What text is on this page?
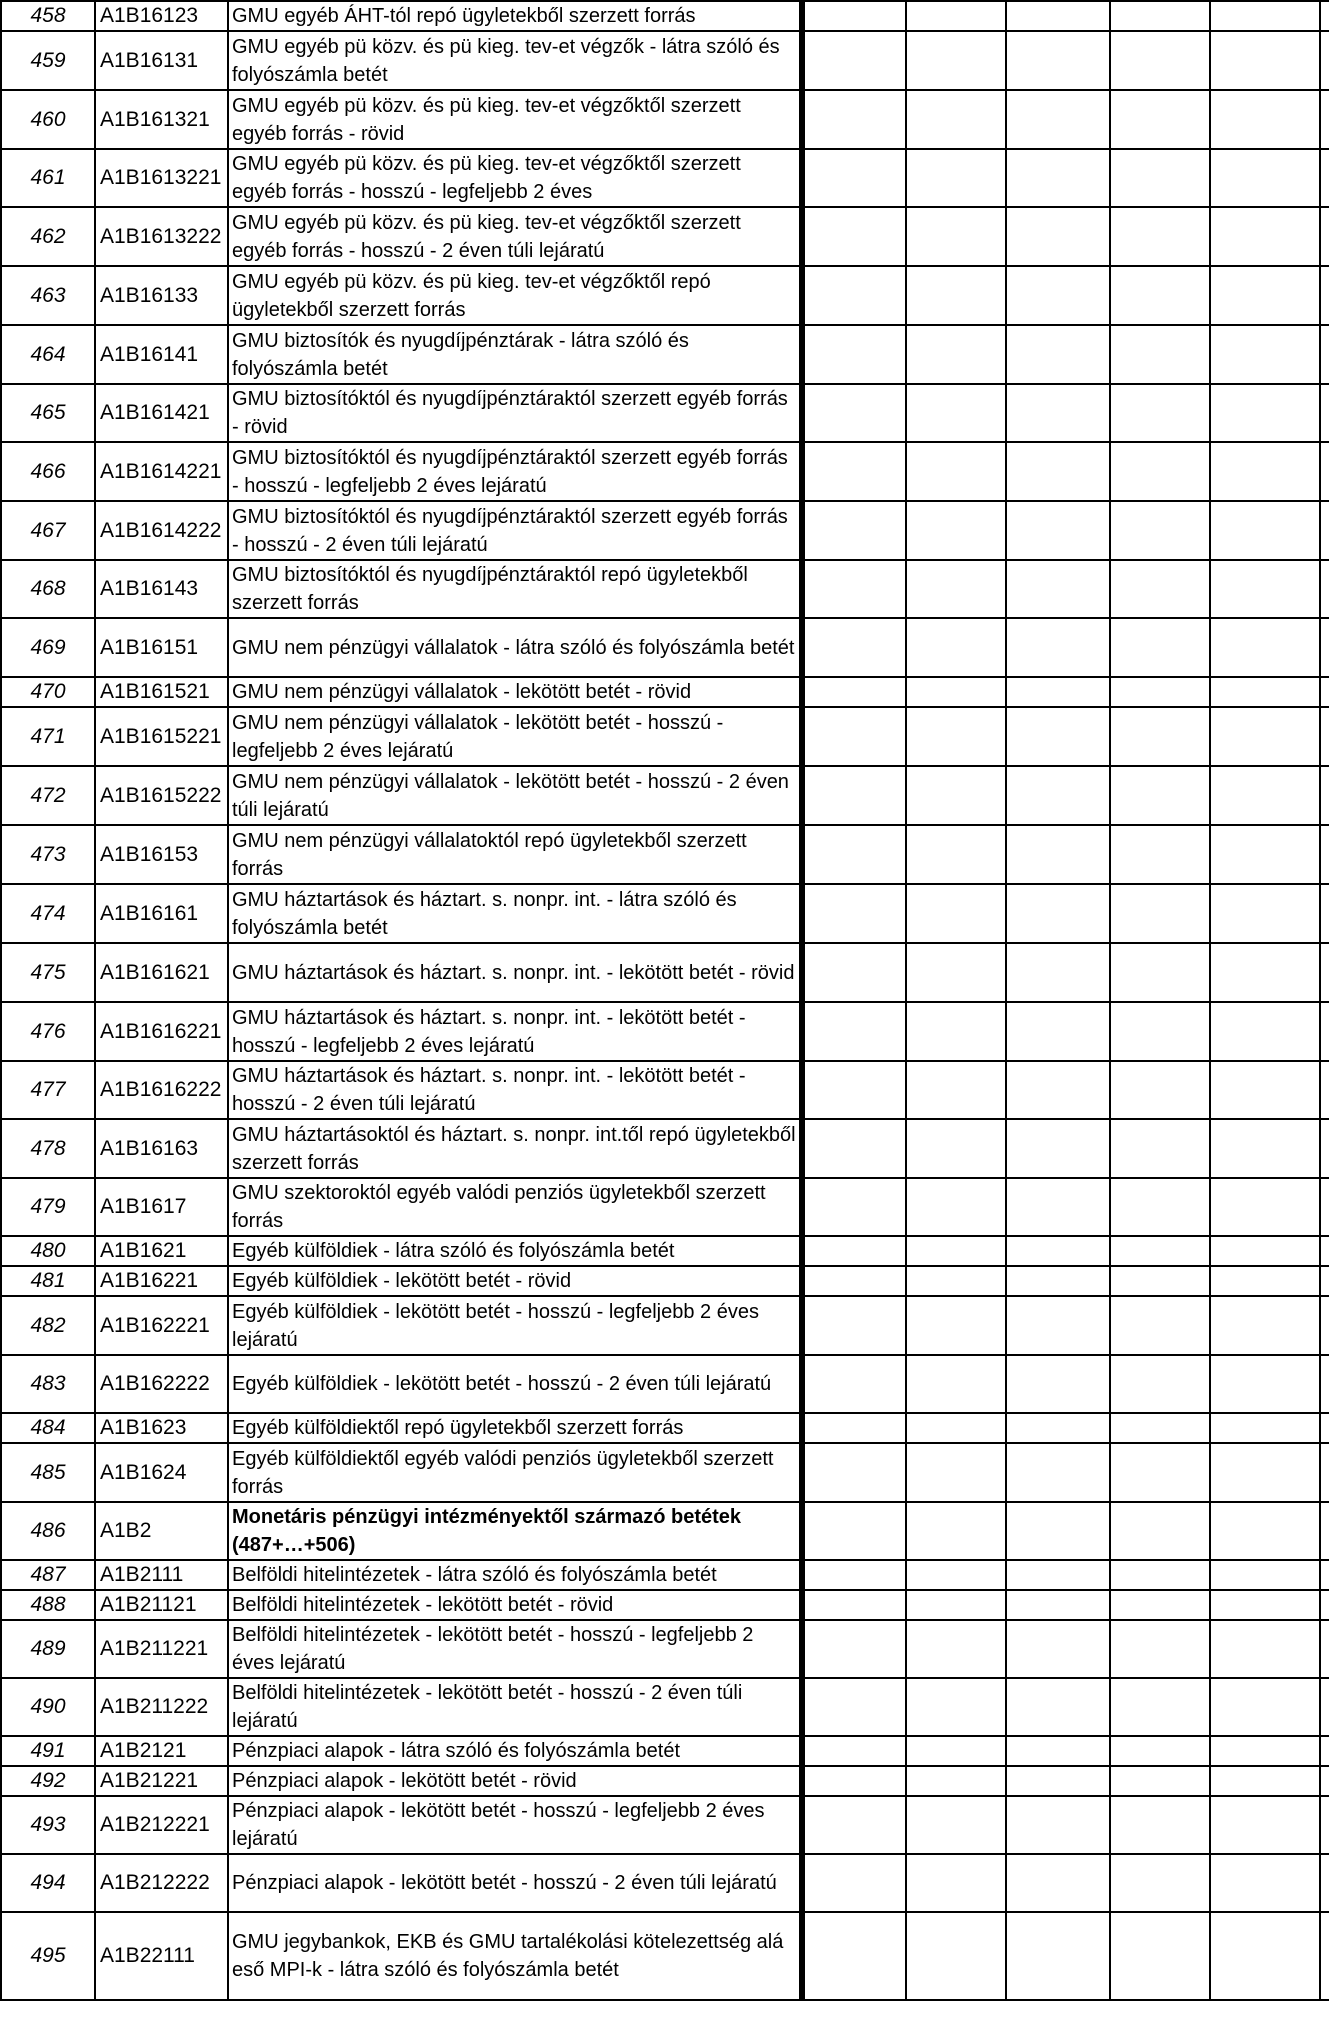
458	A1B16123	GMU egyéb ÁHT-tól repó ügyletekből szerzett forrás						
459	A1B16131	GMU egyéb pü közv. és pü kieg. tev-et végzők - látra szóló és folyószámla betét						
460	A1B161321	GMU egyéb pü közv. és pü kieg. tev-et végzőktől szerzett egyéb forrás - rövid						
461	A1B1613221	GMU egyéb pü közv. és pü kieg. tev-et végzőktől szerzett egyéb forrás - hosszú - legfeljebb 2 éves						
462	A1B1613222	GMU egyéb pü közv. és pü kieg. tev-et végzőktől szerzett egyéb forrás - hosszú - 2 éven túli lejáratú						
463	A1B16133	GMU egyéb pü közv. és pü kieg. tev-et végzőktől repó ügyletekből szerzett forrás						
464	A1B16141	GMU biztosítók és nyugdíjpénztárak - látra szóló és folyószámla betét						
465	A1B161421	GMU biztosítóktól és nyugdíjpénztáraktól szerzett egyéb forrás - rövid						
466	A1B1614221	GMU biztosítóktól és nyugdíjpénztáraktól szerzett egyéb forrás - hosszú - legfeljebb 2 éves lejáratú						
467	A1B1614222	GMU biztosítóktól és nyugdíjpénztáraktól szerzett egyéb forrás - hosszú - 2 éven túli lejáratú						
468	A1B16143	GMU biztosítóktól és nyugdíjpénztáraktól repó ügyletekből szerzett forrás						
469	A1B16151	GMU nem pénzügyi vállalatok - látra szóló és folyószámla betét						
470	A1B161521	GMU nem pénzügyi vállalatok - lekötött betét - rövid						
471	A1B1615221	GMU nem pénzügyi vállalatok - lekötött betét - hosszú - legfeljebb 2 éves lejáratú						
472	A1B1615222	GMU nem pénzügyi vállalatok - lekötött betét - hosszú - 2 éven túli lejáratú						
473	A1B16153	GMU nem pénzügyi vállalatoktól repó ügyletekből szerzett forrás						
474	A1B16161	GMU háztartások és háztart. s. nonpr. int. - látra szóló és folyószámla betét						
475	A1B161621	GMU háztartások és háztart. s. nonpr. int. - lekötött betét - rövid						
476	A1B1616221	GMU háztartások és háztart. s. nonpr. int. - lekötött betét - hosszú - legfeljebb 2 éves lejáratú						
477	A1B1616222	GMU háztartások és háztart. s. nonpr. int. - lekötött betét - hosszú - 2 éven túli lejáratú						
478	A1B16163	GMU háztartásoktól és háztart. s. nonpr. int.től repó ügyletekből szerzett forrás						
479	A1B1617	GMU szektoroktól egyéb valódi penziós ügyletekből szerzett forrás						
480	A1B1621	Egyéb külföldiek - látra szóló és folyószámla betét						
481	A1B16221	Egyéb külföldiek - lekötött betét - rövid						
482	A1B162221	Egyéb külföldiek - lekötött betét - hosszú - legfeljebb 2 éves lejáratú						
483	A1B162222	Egyéb külföldiek - lekötött betét - hosszú - 2 éven túli lejáratú						
484	A1B1623	Egyéb külföldiektől repó ügyletekből szerzett forrás						
485	A1B1624	Egyéb külföldiektől egyéb valódi penziós ügyletekből szerzett forrás						
486	A1B2	Monetáris pénzügyi intézményektől származó betétek (487+…+506)						
487	A1B2111	Belföldi hitelintézetek - látra szóló és folyószámla betét						
488	A1B21121	Belföldi hitelintézetek - lekötött betét - rövid						
489	A1B211221	Belföldi hitelintézetek - lekötött betét - hosszú - legfeljebb 2 éves lejáratú						
490	A1B211222	Belföldi hitelintézetek - lekötött betét - hosszú - 2 éven túli lejáratú						
491	A1B2121	Pénzpiaci alapok - látra szóló és folyószámla betét						
492	A1B21221	Pénzpiaci alapok - lekötött betét - rövid						
493	A1B212221	Pénzpiaci alapok - lekötött betét - hosszú - legfeljebb 2 éves lejáratú						
494	A1B212222	Pénzpiaci alapok - lekötött betét - hosszú - 2 éven túli lejáratú						
495	A1B22111	GMU jegybankok, EKB és GMU tartalékolási kötelezettség alá eső MPI-k - látra szóló és folyószámla betét						
